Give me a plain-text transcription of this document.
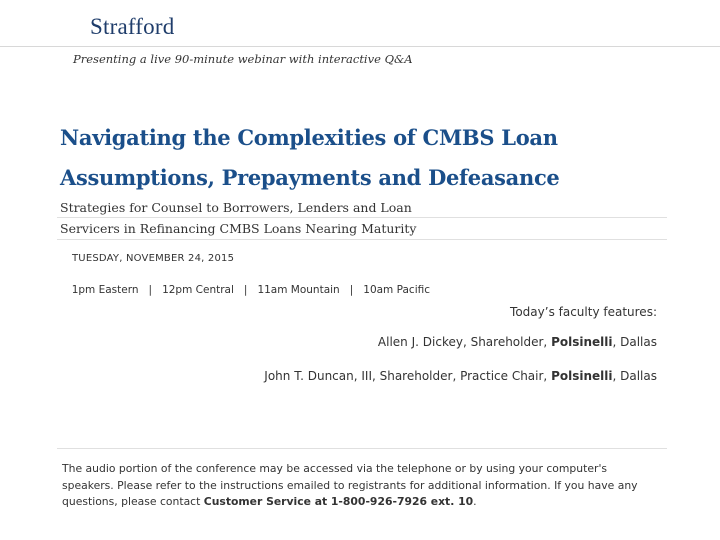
Strafford
Presenting a live 90-minute webinar with interactive Q&A
Navigating the Complexities of CMBS Loan
Assumptions, Prepayments and Defeasance
Strategies for Counsel to Borrowers, Lenders and Loan
Servicers in Refinancing CMBS Loans Nearing Maturity
TUESDAY, NOVEMBER 24, 2015

1pm Eastern | 12pm Central | 11am Mountain | 10am Pacific

Today’s faculty features:
Allen J. Dickey, Shareholder, Polsinelli, Dallas
John T. Duncan, III, Shareholder, Practice Chair, Polsinelli, Dallas
The audio portion of the conference may be accessed via the telephone or by using your computer's speakers. Please refer to the instructions emailed to registrants for additional information. If you have any questions, please contact Customer Service at 1-800-926-7926 ext. 10.
